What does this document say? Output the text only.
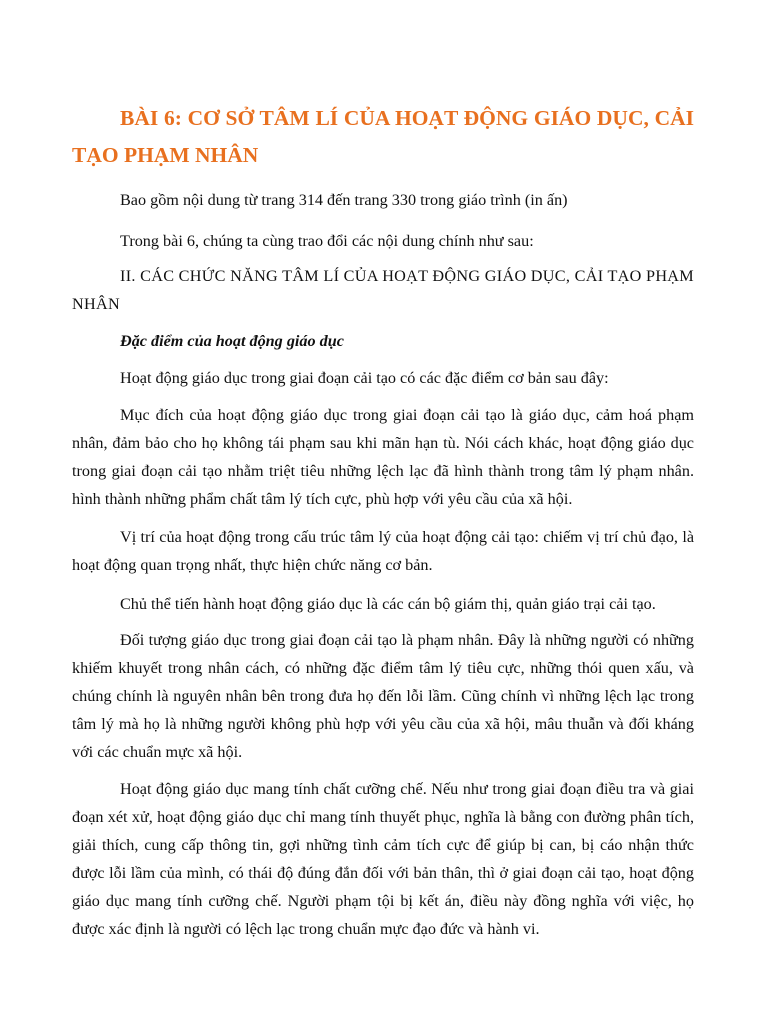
BÀI 6: CƠ SỞ TÂM LÍ CỦA HOẠT ĐỘNG GIÁO DỤC, CẢI TẠO PHẠM NHÂN

Bao gồm nội dung từ trang 314 đến trang 330 trong giáo trình (in ấn)

Trong bài 6, chúng ta cùng trao đổi các nội dung chính như sau:

II. CÁC CHỨC NĂNG TÂM LÍ CỦA HOẠT ĐỘNG GIÁO DỤC, CẢI TẠO PHẠM NHÂN

Đặc điểm của hoạt động giáo dục

Hoạt động giáo dục trong giai đoạn cải tạo có các đặc điểm cơ bản sau đây:

Mục đích của hoạt động giáo dục trong giai đoạn cải tạo là giáo dục, cảm hoá phạm nhân, đảm bảo cho họ không tái phạm sau khi mãn hạn tù. Nói cách khác, hoạt động giáo dục trong giai đoạn cải tạo nhằm triệt tiêu những lệch lạc đã hình thành trong tâm lý phạm nhân. hình thành những phẩm chất tâm lý tích cực, phù hợp với yêu cầu của xã hội.

Vị trí của hoạt động trong cấu trúc tâm lý của hoạt động cải tạo: chiếm vị trí chủ đạo, là hoạt động quan trọng nhất, thực hiện chức năng cơ bản.

Chủ thể tiến hành hoạt động giáo dục là các cán bộ giám thị, quản giáo trại cải tạo.

Đối tượng giáo dục trong giai đoạn cải tạo là phạm nhân. Đây là những người có những khiếm khuyết trong nhân cách, có những đặc điểm tâm lý tiêu cực, những thói quen xấu, và chúng chính là nguyên nhân bên trong đưa họ đến lỗi lầm. Cũng chính vì những lệch lạc trong tâm lý mà họ là những người không phù hợp với yêu cầu của xã hội, mâu thuẫn và đối kháng với các chuẩn mực xã hội.

Hoạt động giáo dục mang tính chất cưỡng chế. Nếu như trong giai đoạn điều tra và giai đoạn xét xử, hoạt động giáo dục chỉ mang tính thuyết phục, nghĩa là bằng con đường phân tích, giải thích, cung cấp thông tin, gợi những tình cảm tích cực để giúp bị can, bị cáo nhận thức được lỗi lầm của mình, có thái độ đúng đắn đối với bản thân, thì ở giai đoạn cải tạo, hoạt động giáo dục mang tính cưỡng chế. Người phạm tội bị kết án, điều này đồng nghĩa với việc, họ được xác định là người có lệch lạc trong chuẩn mực đạo đức và hành vi.
